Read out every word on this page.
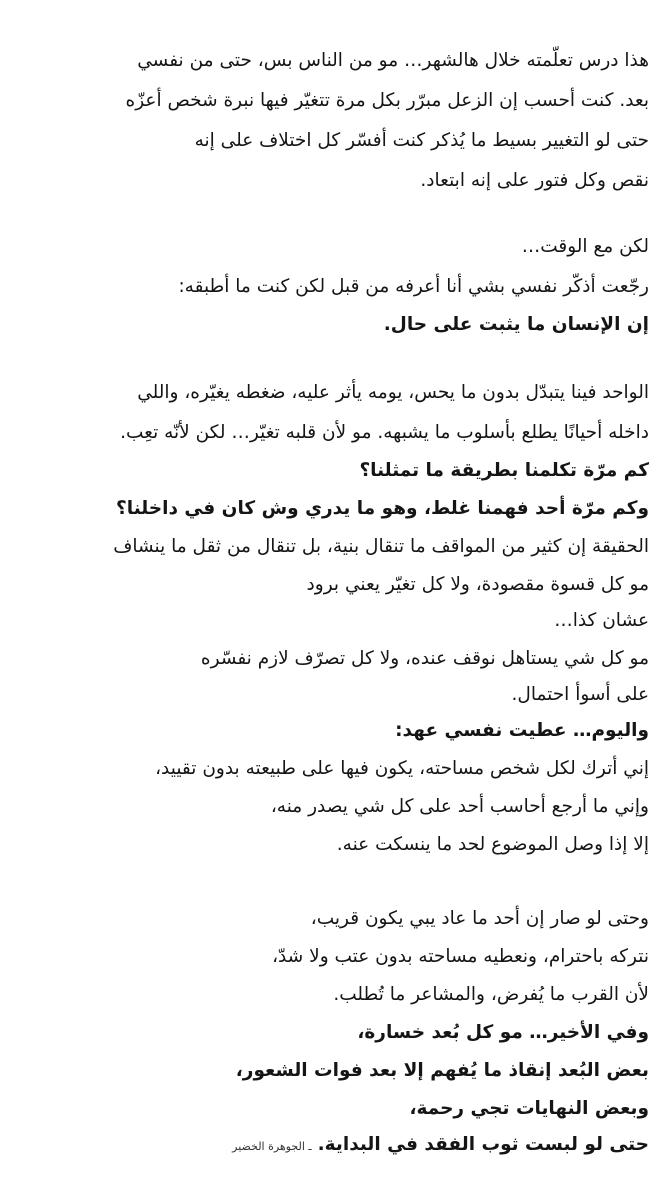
هذا درس تعلّمته خلال هالشهر… مو من الناس بس، حتى من نفسي
بعد. كنت أحسب إن الزعل مبرّر بكل مرة تتغيّر فيها نبرة شخص أعزّه
حتى لو التغيير بسيط ما يُذكر كنت أفسّر كل اختلاف على إنه
نقص وكل فتور على إنه ابتعاد.
لكن مع الوقت…
رجّعت أذكّر نفسي بشي أنا أعرفه من قبل لكن كنت ما أطبقه:
إن الإنسان ما يثبت على حال.
الواحد فينا يتبدّل بدون ما يحس، يومه يأثر عليه، ضغطه يغيّره، واللي
داخله أحيانًا يطلع بأسلوب ما يشبهه. مو لأن قلبه تغيّر… لكن لأنّه تعِب.
كم مرّة تكلمنا بطريقة ما تمثلنا؟
وكم مرّة أحد فهمنا غلط، وهو ما يدري وش كان في داخلنا؟
الحقيقة إن كثير من المواقف ما تنقال بنية، بل تنقال من ثقل ما ينشاف
مو كل قسوة مقصودة، ولا كل تغيّر يعني برود
عشان كذا…
مو كل شي يستاهل نوقف عنده، ولا كل تصرّف لازم نفسّره
على أسوأ احتمال.
واليوم… عطيت نفسي عهد:
إني أترك لكل شخص مساحته، يكون فيها على طبيعته بدون تقييد،
وإني ما أرجع أحاسب أحد على كل شي يصدر منه،
إلا إذا وصل الموضوع لحد ما ينسكت عنه.
وحتى لو صار إن أحد ما عاد يبي يكون قريب،
نتركه باحترام، ونعطيه مساحته بدون عتب ولا شدّ،
لأن القرب ما يُفرض، والمشاعر ما تُطلب.
وفي الأخير… مو كل بُعد خسارة،
بعض البُعد إنقاذ ما يُفهم إلا بعد فوات الشعور،
وبعض النهايات تجي رحمة،
حتى لو لبست ثوب الفقد في البداية.ـ الجوهرة الخضير
